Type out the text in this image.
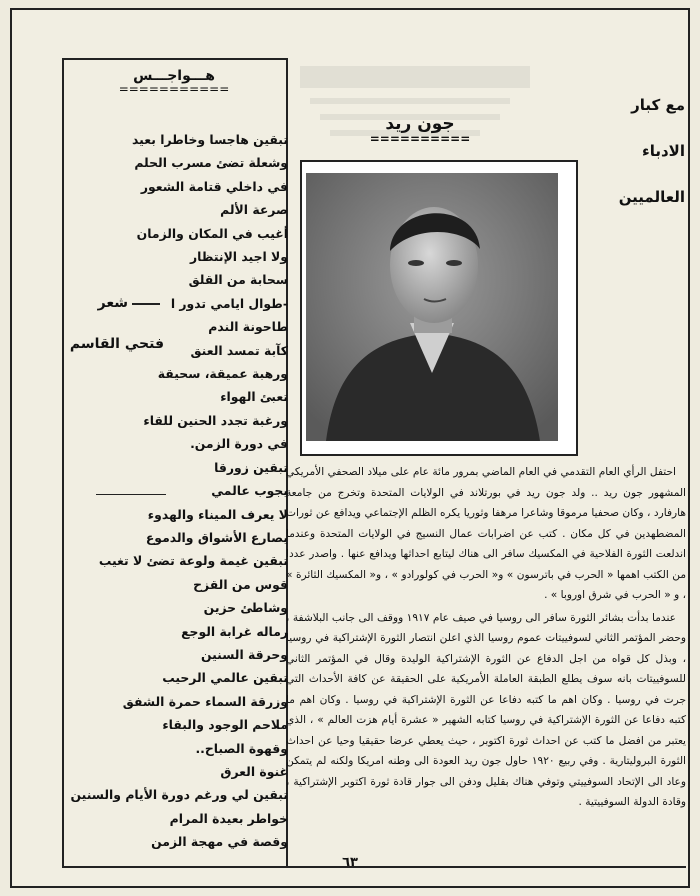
مع كبار
الادباء
العالميين
جون ريد
==========

احتفل الرأي العام التقدمي في العام الماضي بمرور مائة عام على ميلاد الصحفي الأمريكي المشهور جون ريد .. ولد جون ريد في بورتلاند في الولايات المتحدة وتخرج من جامعة هارفارد ، وكان صحفيا مرموقا وشاعرا مرهفا وثوريا يكره الظلم الإجتماعي ويدافع عن ثورات المضطهدين في كل مكان . كتب عن اضرابات عمال النسيج في الولايات المتحدة وعندما اندلعت الثورة الفلاحية في المكسيك سافر الى هناك ليتابع احداثها ويدافع عنها . واصدر عددا من الكتب اهمها « الحرب في باترسون » و« الحرب في كولورادو » ، و« المكسيك الثائرة » ، و « الحرب في شرق اوروبا » .

عندما بدأت بشائر الثورة سافر الى روسيا في صيف عام ١٩١٧ ووقف الى جانب البلاشفة ، وحضر المؤتمر الثاني لسوفييتات عموم روسيا الذي اعلن انتصار الثورة الإشتراكية في روسيا ، وبذل كل قواه من اجل الدفاع عن الثورة الإشتراكية الوليدة وقال في المؤتمر الثاني للسوفييتات بانه سوف يطلع الطبقة العاملة الأمريكية على الحقيقة عن كافة الأحداث التي جرت في روسيا . وكان اهم ما كتبه دفاعا عن الثورة الإشتراكية في روسيا . وكان اهم ما كتبه دفاعا عن الثورة الإشتراكية في روسيا كتابه الشهير « عشرة أيام هزت العالم » ، الذي يعتبر من افضل ما كتب عن احداث ثورة اكتوبر ، حيث يعطي عرضا حقيقيا وحيا عن احداث الثورة البروليتارية . وفي ربيع ١٩٢٠ حاول جون ريد العودة الى وطنه امريكا ولكنه لم يتمكن وعاد الى الإتحاد السوفييتي وتوفي هناك بقليل ودفن الى جوار قادة ثورة اكتوبر الإشتراكية ، وقادة الدولة السوفييتية .

هـــواجـــس
===========
شعر
فتحي القاسم
تبقين هاجسا وخاطرا بعيد
وشعلة تضئ مسرب الحلم
في داخلي قتامة الشعور
صرعة الألم
أغيب في المكان والزمان
ولا اجيد الإنتظار
سحابة من القلق
-طوال ايامي تدور ا
طاحونة الندم
كآبة تمسد العنق
ورهبة عميقة، سحيقة
تعبئ الهواء
ورغبة تجدد الحنين للقاء
في دورة الزمن.
تبقين زورقا
يجوب عالمي
لا يعرف الميناء والهدوء
يصارع الأشواق والدموع
تبقين غيمة ولوعة تضئ لا تغيب
قوس من القزح
وشاطئ حزين
رماله غرابة الوجع
وحرقة السنين
تبقين عالمي الرحيب
وزرقة السماء حمرة الشفق
ملاحم الوجود والبقاء
وقهوة الصباح..
غنوة العرق
تبقين لي ورغم دورة الأيام والسنين
خواطر بعيدة المرام
وقصة في مهجة الزمن
٦٣
